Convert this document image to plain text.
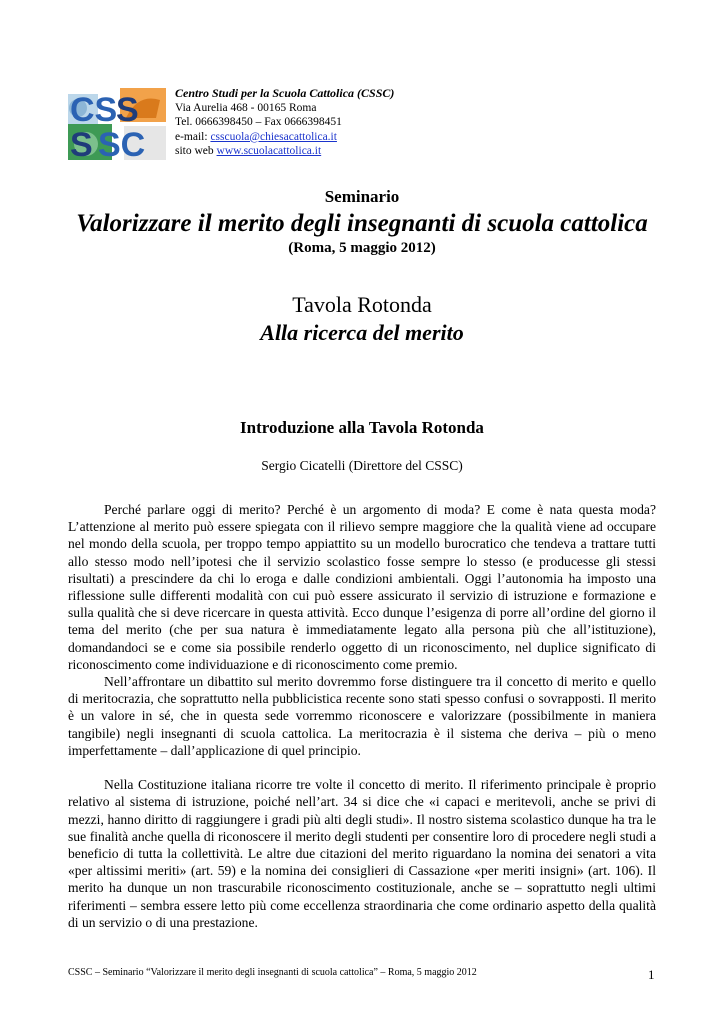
CS
S
S SC
Centro Studi per la Scuola Cattolica (CSSC)
Via Aurelia 468 - 00165 Roma
Tel. 0666398450 – Fax 0666398451
e-mail: csscuola@chiesacattolica.it
sito web www.scuolacattolica.it
Seminario
Valorizzare il merito degli insegnanti di scuola cattolica
(Roma, 5 maggio 2012)
Tavola Rotonda
Alla ricerca del merito
Introduzione alla Tavola Rotonda
Sergio Cicatelli (Direttore del CSSC)

Perché parlare oggi di merito? Perché è un argomento di moda? E come è nata questa moda? L’attenzione al merito può essere spiegata con il rilievo sempre maggiore che la qualità viene ad occupare nel mondo della scuola, per troppo tempo appiattito su un modello burocratico che tendeva a trattare tutti allo stesso modo nell’ipotesi che il servizio scolastico fosse sempre lo stesso (e producesse gli stessi risultati) a prescindere da chi lo eroga e dalle condizioni ambientali. Oggi l’autonomia ha imposto una riflessione sulle differenti modalità con cui può essere assicurato il servizio di istruzione e formazione e sulla qualità che si deve ricercare in questa attività. Ecco dunque l’esigenza di porre all’ordine del giorno il tema del merito (che per sua natura è immediatamente legato alla persona più che all’istituzione), domandandoci se e come sia possibile renderlo oggetto di un riconoscimento, nel duplice significato di riconoscimento come individuazione e di riconoscimento come premio.

Nell’affrontare un dibattito sul merito dovremmo forse distinguere tra il concetto di merito e quello di meritocrazia, che soprattutto nella pubblicistica recente sono stati spesso confusi o sovrapposti. Il merito è un valore in sé, che in questa sede vorremmo riconoscere e valorizzare (possibilmente in maniera tangibile) negli insegnanti di scuola cattolica. La meritocrazia è il sistema che deriva – più o meno imperfettamente – dall’applicazione di quel principio.

Nella Costituzione italiana ricorre tre volte il concetto di merito. Il riferimento principale è proprio relativo al sistema di istruzione, poiché nell’art. 34 si dice che «i capaci e meritevoli, anche se privi di mezzi, hanno diritto di raggiungere i gradi più alti degli studi». Il nostro sistema scolastico dunque ha tra le sue finalità anche quella di riconoscere il merito degli studenti per consentire loro di procedere negli studi a beneficio di tutta la collettività. Le altre due citazioni del merito riguardano la nomina dei senatori a vita «per altissimi meriti» (art. 59) e la nomina dei consiglieri di Cassazione «per meriti insigni» (art. 106). Il merito ha dunque un non trascurabile riconoscimento costituzionale, anche se – soprattutto negli ultimi riferimenti – sembra essere letto più come eccellenza straordinaria che come ordinario aspetto della qualità di un servizio o di una prestazione.

CSSC – Seminario “Valorizzare il merito degli insegnanti di scuola cattolica” – Roma, 5 maggio 2012	1
